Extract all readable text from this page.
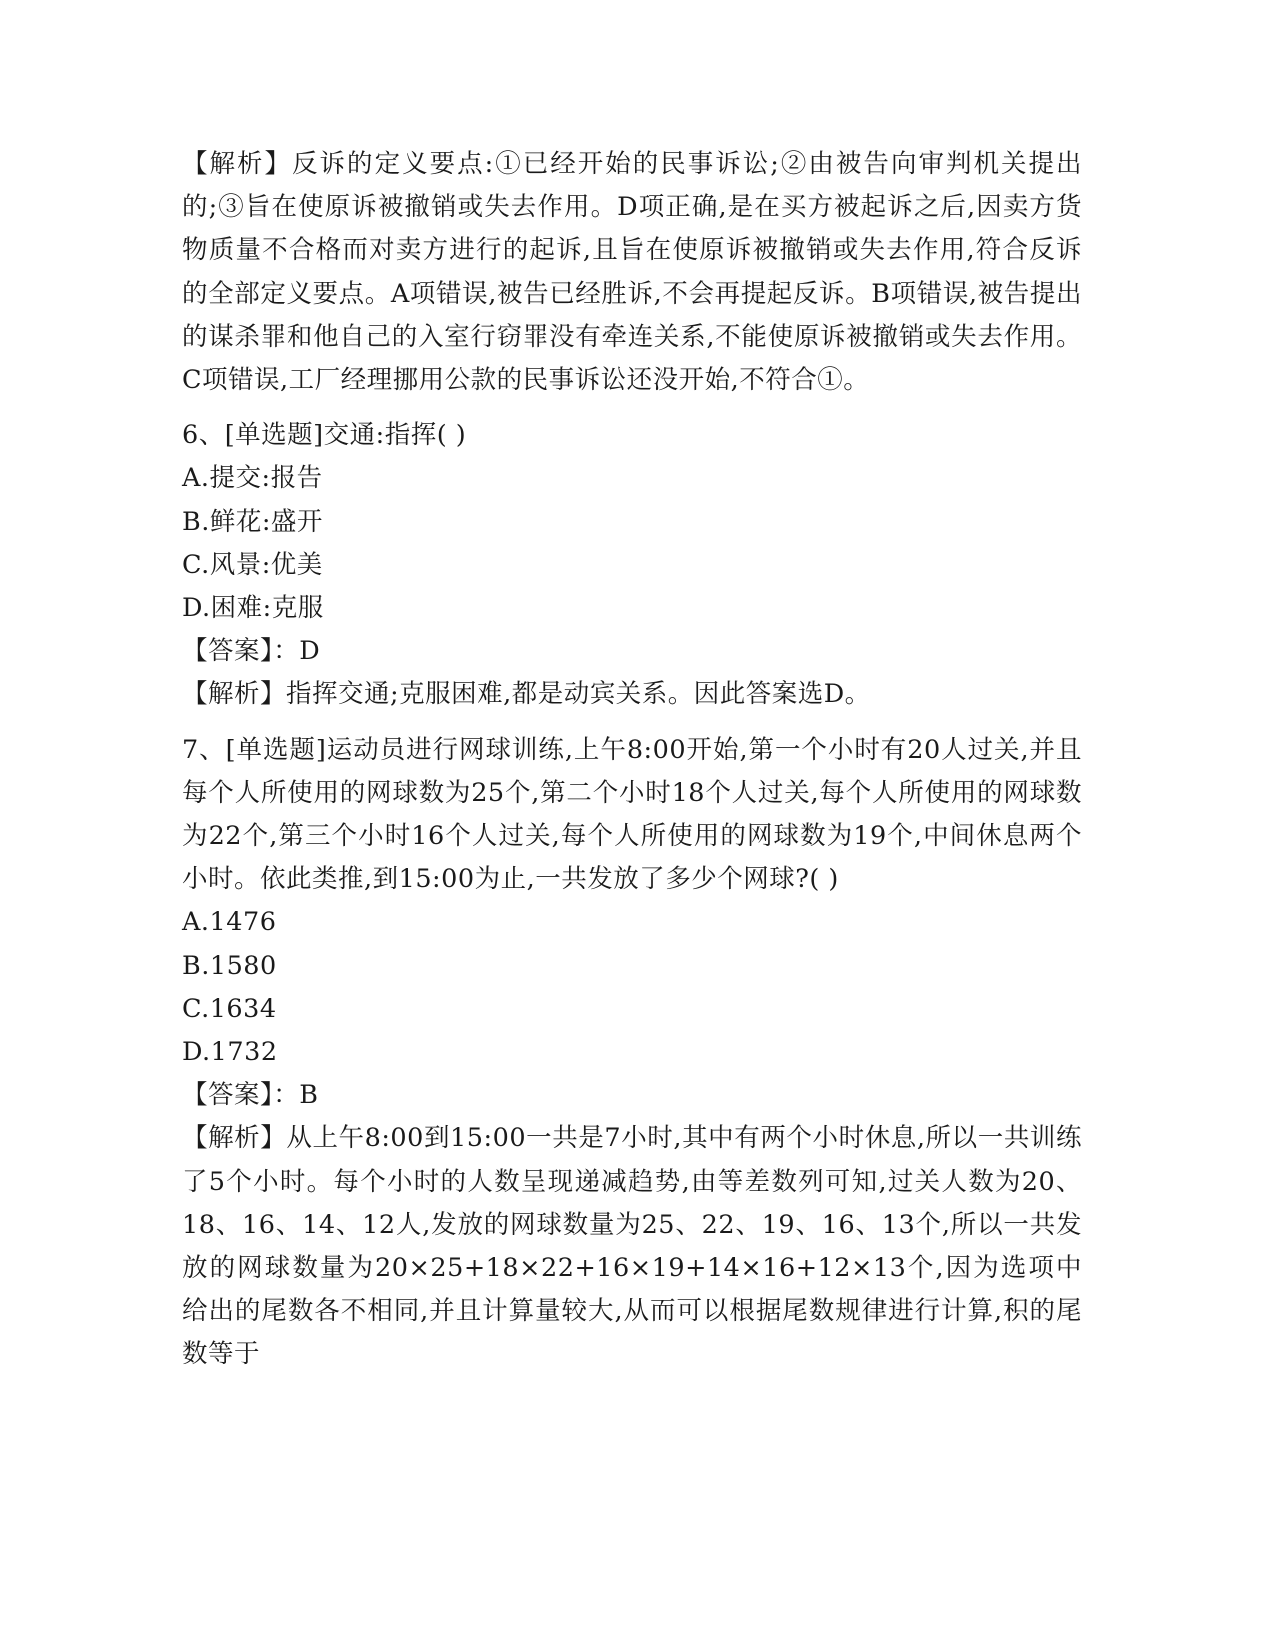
【解析】反诉的定义要点:①已经开始的民事诉讼;②由被告向审判机关提出的;③旨在使原诉被撤销或失去作用。D项正确,是在买方被起诉之后,因卖方货物质量不合格而对卖方进行的起诉,且旨在使原诉被撤销或失去作用,符合反诉的全部定义要点。A项错误,被告已经胜诉,不会再提起反诉。B项错误,被告提出的谋杀罪和他自己的入室行窃罪没有牵连关系,不能使原诉被撤销或失去作用。C项错误,工厂经理挪用公款的民事诉讼还没开始,不符合①。

6、[单选题]交通:指挥( )

A.提交:报告

B.鲜花:盛开

C.风景:优美

D.困难:克服

【答案】：D

【解析】指挥交通;克服困难,都是动宾关系。因此答案选D。

7、[单选题]运动员进行网球训练,上午8:00开始,第一个小时有20人过关,并且每个人所使用的网球数为25个,第二个小时18个人过关,每个人所使用的网球数为22个,第三个小时16个人过关,每个人所使用的网球数为19个,中间休息两个小时。依此类推,到15:00为止,一共发放了多少个网球?( )

A.1476

B.1580

C.1634

D.1732

【答案】：B

【解析】从上午8:00到15:00一共是7小时,其中有两个小时休息,所以一共训练了5个小时。每个小时的人数呈现递减趋势,由等差数列可知,过关人数为20、18、16、14、12人,发放的网球数量为25、22、19、16、13个,所以一共发放的网球数量为20×25+18×22+16×19+14×16+12×13个,因为选项中给出的尾数各不相同,并且计算量较大,从而可以根据尾数规律进行计算,积的尾数等于
